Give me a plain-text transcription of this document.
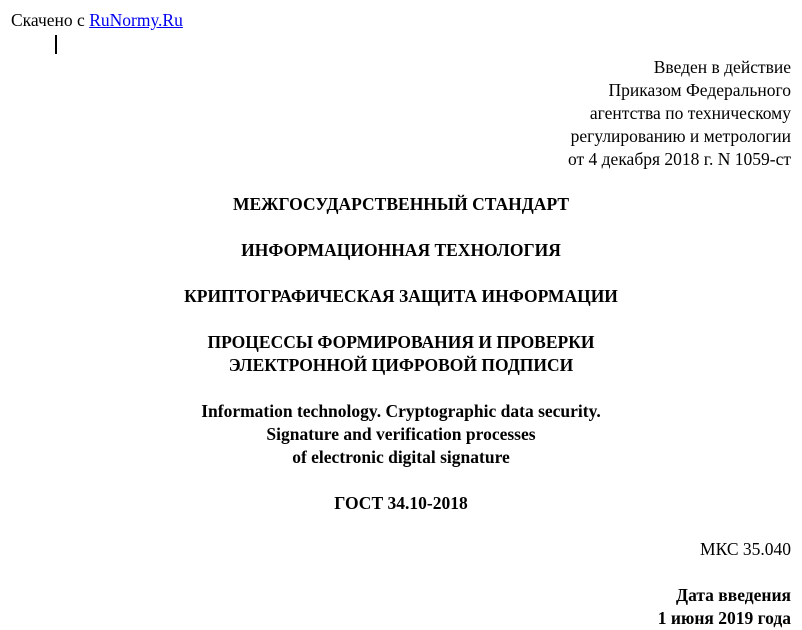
Скачено с RuNormy.Ru
Введен в действие
Приказом Федерального
агентства по техническому
регулированию и метрологии
от 4 декабря 2018 г. N 1059-ст
МЕЖГОСУДАРСТВЕННЫЙ СТАНДАРТ
ИНФОРМАЦИОННАЯ ТЕХНОЛОГИЯ
КРИПТОГРАФИЧЕСКАЯ ЗАЩИТА ИНФОРМАЦИИ
ПРОЦЕССЫ ФОРМИРОВАНИЯ И ПРОВЕРКИ
ЭЛЕКТРОННОЙ ЦИФРОВОЙ ПОДПИСИ
Information technology. Cryptographic data security.
Signature and verification processes
of electronic digital signature
ГОСТ 34.10-2018
МКС 35.040
Дата введения
1 июня 2019 года
